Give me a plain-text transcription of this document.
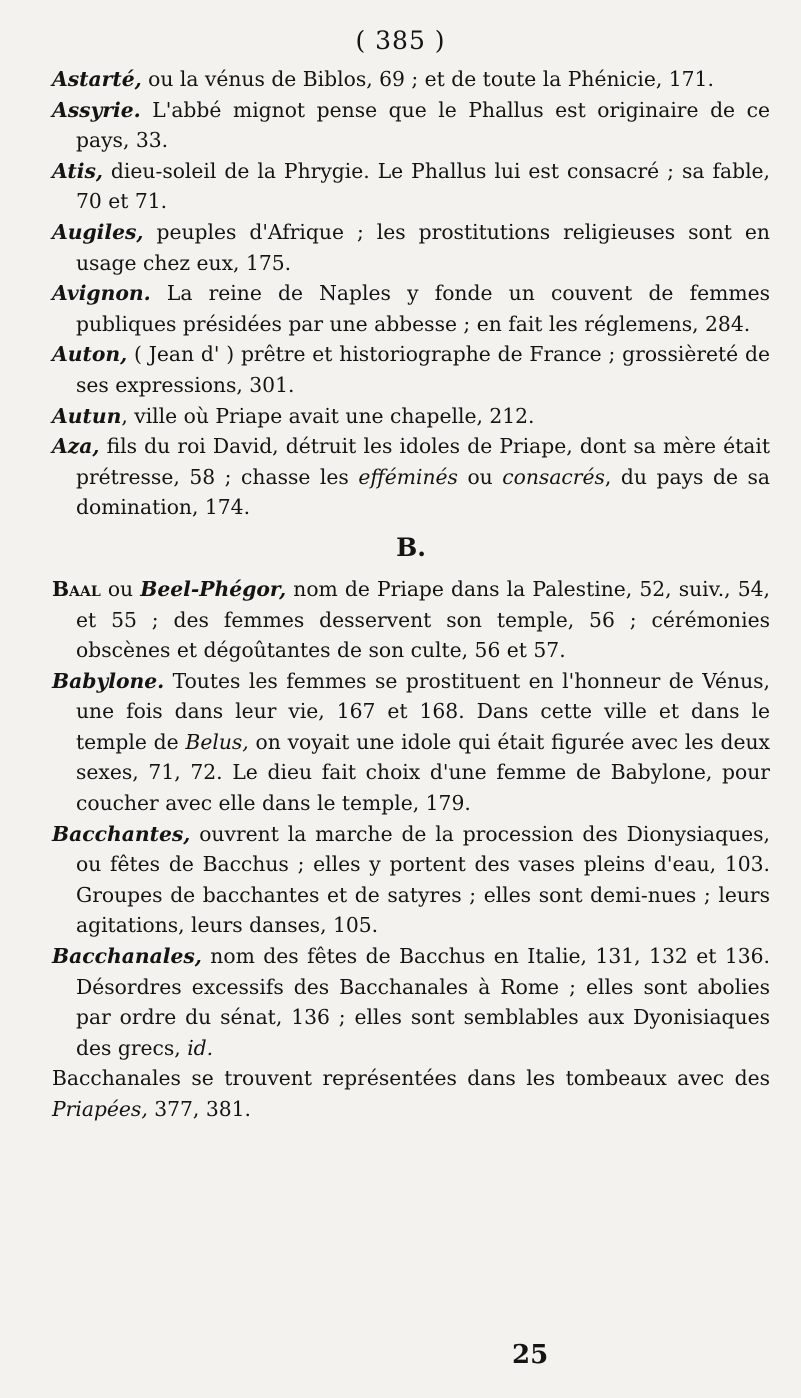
( 385 )

Astarté, ou la vénus de Biblos, 69 ; et de toute la Phénicie, 171.

Assyrie. L'abbé mignot pense que le Phallus est originaire de ce pays, 33.

Atis, dieu-soleil de la Phrygie. Le Phallus lui est consacré ; sa fable, 70 et 71.

Augiles, peuples d'Afrique ; les prostitutions religieuses sont en usage chez eux, 175.

Avignon. La reine de Naples y fonde un couvent de femmes publiques présidées par une abbesse ; en fait les réglemens, 284.

Auton, ( Jean d' ) prêtre et historiographe de France ; grossièreté de ses expressions, 301.

Autun, ville où Priape avait une chapelle, 212.

Aza, fils du roi David, détruit les idoles de Priape, dont sa mère était prétresse, 58 ; chasse les efféminés ou consacrés, du pays de sa domination, 174.

B.

Baal ou Beel-Phégor, nom de Priape dans la Palestine, 52, suiv., 54, et 55 ; des femmes desservent son temple, 56 ; cérémonies obscènes et dégoûtantes de son culte, 56 et 57.

Babylone. Toutes les femmes se prostituent en l'honneur de Vénus, une fois dans leur vie, 167 et 168. Dans cette ville et dans le temple de Belus, on voyait une idole qui était figurée avec les deux sexes, 71, 72. Le dieu fait choix d'une femme de Babylone, pour coucher avec elle dans le temple, 179.

Bacchantes, ouvrent la marche de la procession des Dionysiaques, ou fêtes de Bacchus ; elles y portent des vases pleins d'eau, 103. Groupes de bacchantes et de satyres ; elles sont demi-nues ; leurs agitations, leurs danses, 105.

Bacchanales, nom des fêtes de Bacchus en Italie, 131, 132 et 136. Désordres excessifs des Bacchanales à Rome ; elles sont abolies par ordre du sénat, 136 ; elles sont semblables aux Dyonisiaques des grecs, id.

Bacchanales se trouvent représentées dans les tombeaux avec des Priapées, 377, 381.

25
